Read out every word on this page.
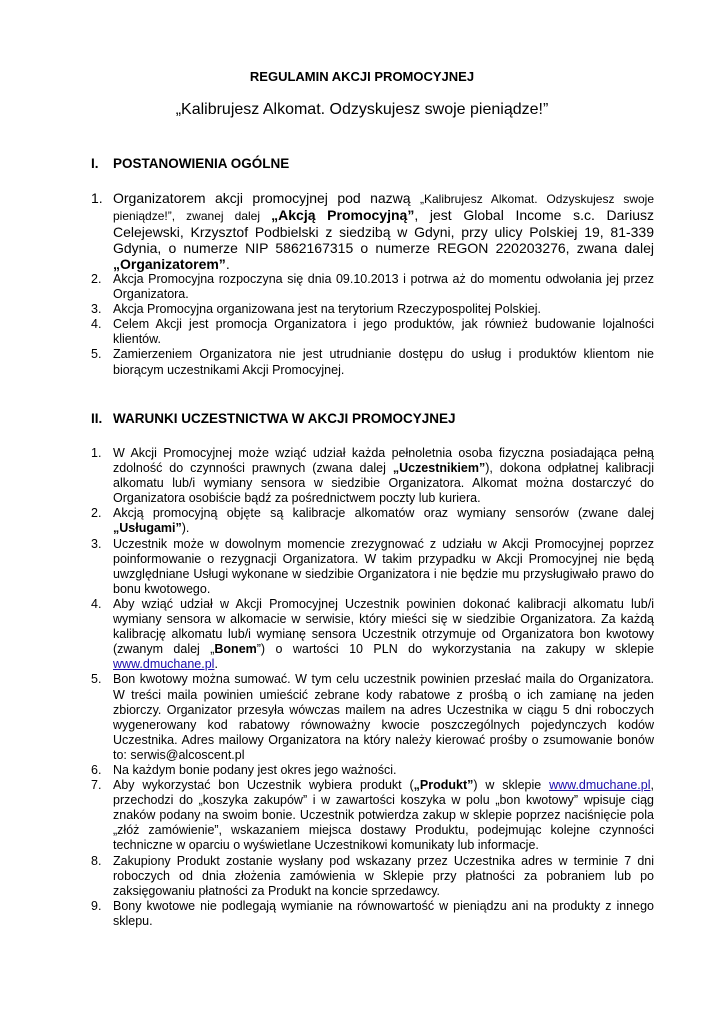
REGULAMIN AKCJI PROMOCYJNEJ
„Kalibrujesz Alkomat. Odzyskujesz swoje pieniądze!”
I. POSTANOWIENIA OGÓLNE
1. Organizatorem akcji promocyjnej pod nazwą „Kalibrujesz Alkomat. Odzyskujesz swoje pieniądze!”, zwanej dalej „Akcją Promocyjną”, jest Global Income s.c. Dariusz Celejewski, Krzysztof Podbielski z siedzibą w Gdyni, przy ulicy Polskiej 19, 81-339 Gdynia, o numerze NIP 5862167315 o numerze REGON 220203276, zwana dalej „Organizatorem”.
2. Akcja Promocyjna rozpoczyna się dnia 09.10.2013 i potrwa aż do momentu odwołania jej przez Organizatora.
3. Akcja Promocyjna organizowana jest na terytorium Rzeczypospolitej Polskiej.
4. Celem Akcji jest promocja Organizatora i jego produktów, jak również budowanie lojalności klientów.
5. Zamierzeniem Organizatora nie jest utrudnianie dostępu do usług i produktów klientom nie biorącym uczestnikami Akcji Promocyjnej.
II. WARUNKI UCZESTNICTWA W AKCJI PROMOCYJNEJ
1. W Akcji Promocyjnej może wziąć udział każda pełnoletnia osoba fizyczna posiadająca pełną zdolność do czynności prawnych (zwana dalej „Uczestnikiem”), dokona odpłatnej kalibracji alkomatu lub/i wymiany sensora w siedzibie Organizatora. Alkomat można dostarczyć do Organizatora osobiście bądź za pośrednictwem poczty lub kuriera.
2. Akcją promocyjną objęte są kalibracje alkomatów oraz wymiany sensorów (zwane dalej „Usługami”).
3. Uczestnik może w dowolnym momencie zrezygnować z udziału w Akcji Promocyjnej poprzez poinformowanie o rezygnacji Organizatora. W takim przypadku w Akcji Promocyjnej nie będą uwzględniane Usługi wykonane w siedzibie Organizatora i nie będzie mu przysługiwało prawo do bonu kwotowego.
4. Aby wziąć udział w Akcji Promocyjnej Uczestnik powinien dokonać kalibracji alkomatu lub/i wymiany sensora w alkomacie w serwisie, który mieści się w siedzibie Organizatora. Za każdą kalibrację alkomatu lub/i wymianę sensora Uczestnik otrzymuje od Organizatora bon kwotowy (zwanym dalej „Bonem”) o wartości 10 PLN do wykorzystania na zakupy w sklepie www.dmuchane.pl.
5. Bon kwotowy można sumować. W tym celu uczestnik powinien przesłać maila do Organizatora. W treści maila powinien umieścić zebrane kody rabatowe z prośbą o ich zamianę na jeden zbiorczy. Organizator przesyła wówczas mailem na adres Uczestnika w ciągu 5 dni roboczych wygenerowany kod rabatowy równoważny kwocie poszczególnych pojedynczych kodów Uczestnika. Adres mailowy Organizatora na który należy kierować prośby o zsumowanie bonów to: serwis@alcoscent.pl
6. Na każdym bonie podany jest okres jego ważności.
7. Aby wykorzystać bon Uczestnik wybiera produkt („Produkt”) w sklepie www.dmuchane.pl, przechodzi do „koszyka zakupów” i w zawartości koszyka w polu „bon kwotowy” wpisuje ciąg znaków podany na swoim bonie. Uczestnik potwierdza zakup w sklepie poprzez naciśnięcie pola „złóż zamówienie”, wskazaniem miejsca dostawy Produktu, podejmując kolejne czynności techniczne w oparciu o wyświetlane Uczestnikowi komunikaty lub informacje.
8. Zakupiony Produkt zostanie wysłany pod wskazany przez Uczestnika adres w terminie 7 dni roboczych od dnia złożenia zamówienia w Sklepie przy płatności za pobraniem lub po zaksięgowaniu płatności za Produkt na koncie sprzedawcy.
9. Bony kwotowe nie podlegają wymianie na równowartość w pieniądzu ani na produkty z innego sklepu.
